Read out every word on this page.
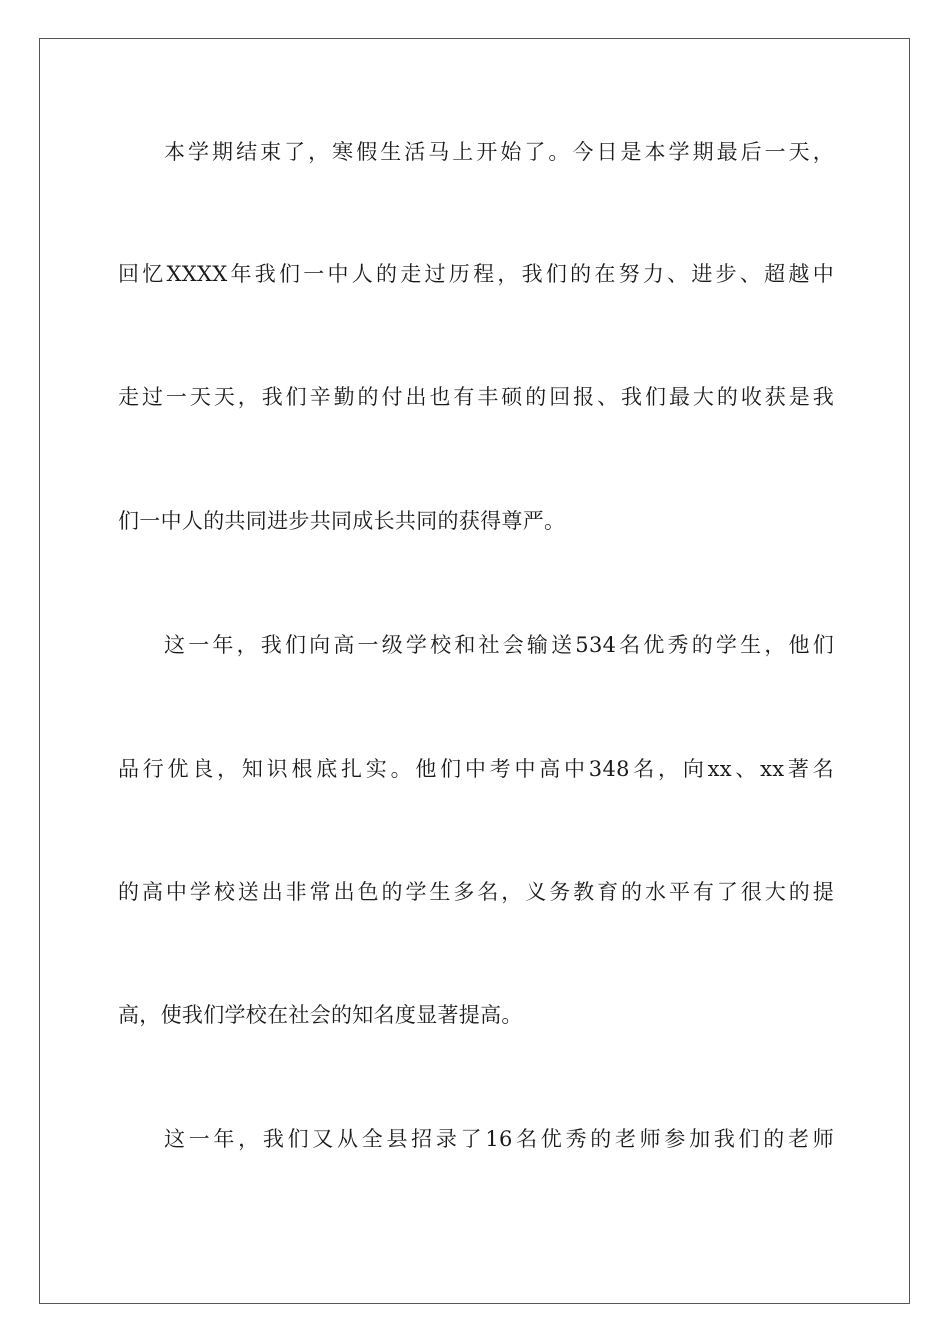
本学期结束了，寒假生活马上开始了。今日是本学期最后一天，
回忆XXXX年我们一中人的走过历程，我们的在努力、进步、超越中
走过一天天，我们辛勤的付出也有丰硕的回报、我们最大的收获是我
们一中人的共同进步共同成长共同的获得尊严。
这一年，我们向高一级学校和社会输送534名优秀的学生，他们
品行优良，知识根底扎实。他们中考中高中348名，向xx、xx著名
的高中学校送出非常出色的学生多名，义务教育的水平有了很大的提
高，使我们学校在社会的知名度显著提高。
这一年，我们又从全县招录了16名优秀的老师参加我们的老师
